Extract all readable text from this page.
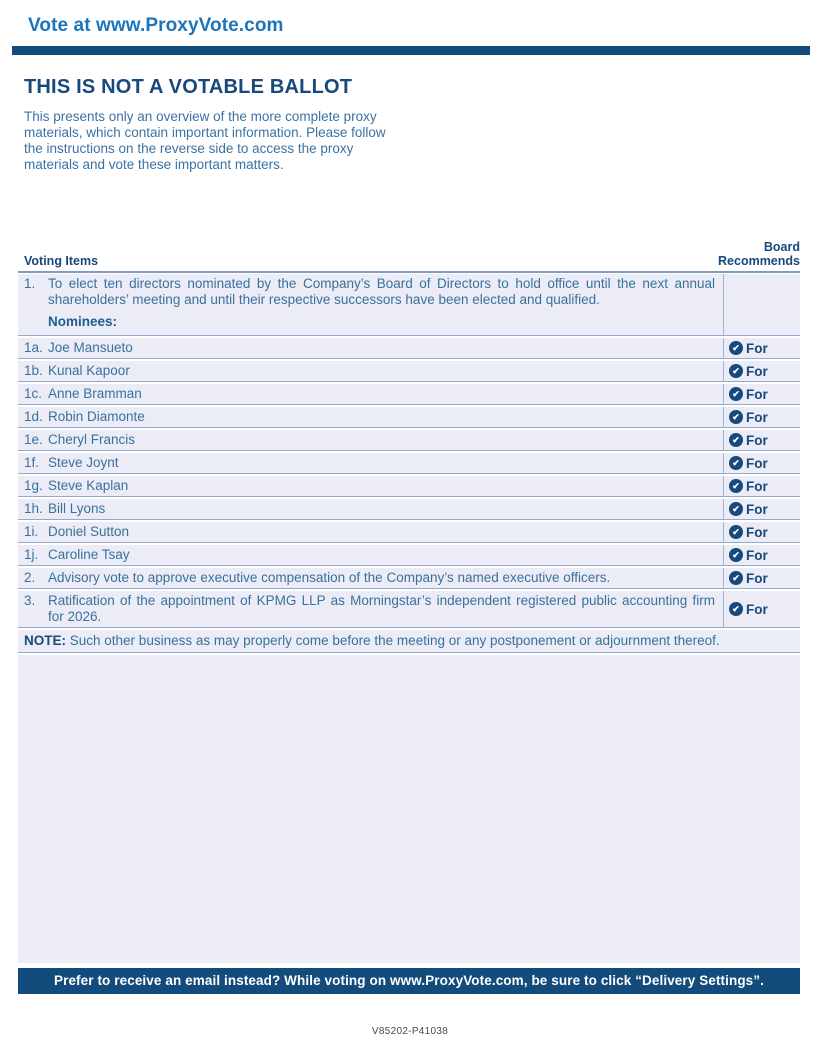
Vote at www.ProxyVote.com
THIS IS NOT A VOTABLE BALLOT
This presents only an overview of the more complete proxy materials, which contain important information. Please follow the instructions on the reverse side to access the proxy materials and vote these important matters.
Voting Items
Board Recommends
1. To elect ten directors nominated by the Company’s Board of Directors to hold office until the next annual shareholders’ meeting and until their respective successors have been elected and qualified.
Nominees:
1a. Joe Mansueto	✔ For
1b. Kunal Kapoor	✔ For
1c. Anne Bramman	✔ For
1d. Robin Diamonte	✔ For
1e. Cheryl Francis	✔ For
1f. Steve Joynt	✔ For
1g. Steve Kaplan	✔ For
1h. Bill Lyons	✔ For
1i. Doniel Sutton	✔ For
1j. Caroline Tsay	✔ For
2. Advisory vote to approve executive compensation of the Company’s named executive officers.	✔ For
3. Ratification of the appointment of KPMG LLP as Morningstar’s independent registered public accounting firm for 2026.	✔ For
NOTE: Such other business as may properly come before the meeting or any postponement or adjournment thereof.
Prefer to receive an email instead? While voting on www.ProxyVote.com, be sure to click “Delivery Settings”.
V85202-P41038
